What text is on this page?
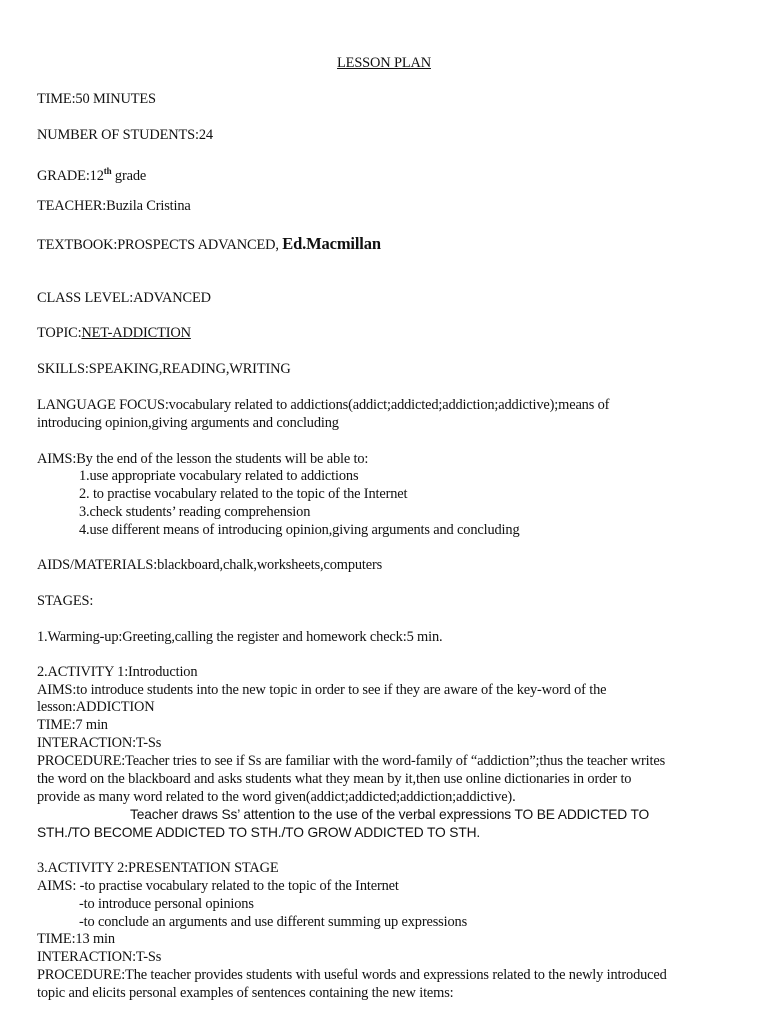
LESSON PLAN
TIME:50 MINUTES
NUMBER OF STUDENTS:24
GRADE:12th grade
TEACHER:Buzila Cristina
TEXTBOOK:PROSPECTS ADVANCED, Ed.Macmillan
CLASS LEVEL:ADVANCED
TOPIC:NET-ADDICTION
SKILLS:SPEAKING,READING,WRITING
LANGUAGE FOCUS:vocabulary related to addictions(addict;addicted;addiction;addictive);means of
introducing opinion,giving arguments and concluding
AIMS:By the end of the lesson the students will be able to:
1.use appropriate vocabulary related to addictions
2. to practise vocabulary related to the topic of the Internet
3.check students’ reading comprehension
4.use different means of introducing opinion,giving arguments and concluding
AIDS/MATERIALS:blackboard,chalk,worksheets,computers
STAGES:
1.Warming-up:Greeting,calling the register and homework check:5 min.
2.ACTIVITY 1:Introduction
AIMS:to introduce students into the new topic in order to see if they are aware of the key-word of the
lesson:ADDICTION
TIME:7 min
INTERACTION:T-Ss
PROCEDURE:Teacher tries to see if Ss are familiar with the word-family of “addiction”;thus the teacher writes
the word on the blackboard and asks students what they mean by it,then use online dictionaries in order to
provide as many word related to the word given(addict;addicted;addiction;addictive).
Teacher draws Ss’ attention to the use of the verbal expressions TO BE ADDICTED TO
STH./TO BECOME ADDICTED TO STH./TO GROW ADDICTED TO STH.
3.ACTIVITY 2:PRESENTATION STAGE
AIMS: -to practise vocabulary related to the topic of the Internet
-to introduce personal opinions
-to conclude an arguments and use different summing up expressions
TIME:13 min
INTERACTION:T-Ss
PROCEDURE:The teacher provides students with useful words and expressions related to the newly introduced
topic and elicits personal examples of sentences containing the new items:
